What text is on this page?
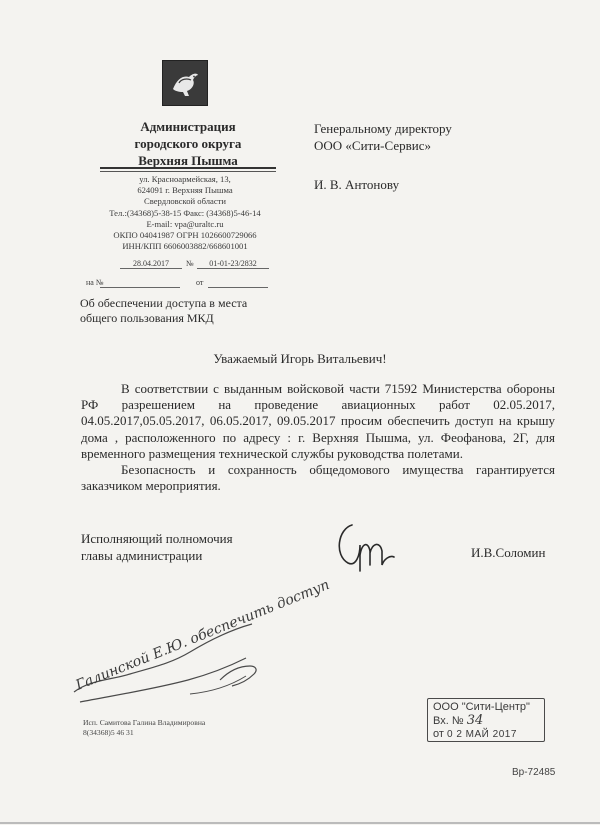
Администрация
городского округа
Верхняя Пышма
ул. Красноармейская, 13,
624091 г. Верхняя Пышма
Свердловской области
Тел.:(34368)5-38-15 Факс: (34368)5-46-14
E-mail: vpa@uraltc.ru
ОКПО 04041987 ОГРН 1026600729066
ИНН/КПП 6606003882/668601001
28.04.2017	№	01-01-23/2832
на №	от
Об обеспечении доступа в места
общего пользования МКД
Генеральному директору
ООО «Сити-Сервис»
И. В. Антонову
Уважаемый Игорь Витальевич!

В соответствии с выданным войсковой части 71592 Министерства обороны РФ разрешением на проведение авиационных работ 02.05.2017, 04.05.2017,05.05.2017, 06.05.2017, 09.05.2017 просим обеспечить доступ на крышу дома , расположенного по адресу : г. Верхняя Пышма, ул. Феофанова, 2Г, для временного размещения технической службы руководства полетами.

Безопасность и сохранность общедомового имущества гарантируется заказчиком мероприятия.

Исполняющий полномочия
главы администрации	И.В.Соломин
Галинской Е.Ю. обеспечить доступ
Исп. Самитова Галина Владимировна
8(34368)5 46 31
ООО "Сити-Центр"
Вх. № 34
от 0 2 МАЙ 2017
Вр-72485
